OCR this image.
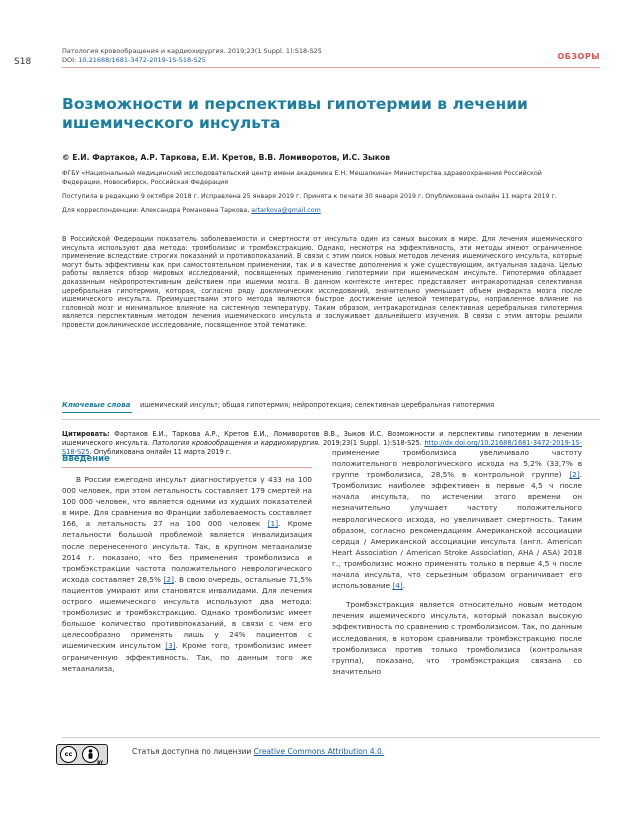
S18
Патология кровообращения и кардиохирургия. 2019;23(1 Suppl. 1):S18-S25
DOI: 10.21688/1681-3472-2019-1S-S18-S25	ОБЗОРЫ
Возможности и перспективы гипотермии в лечении ишемического инсульта
© Е.И. Фартаков, А.Р. Таркова, Е.И. Кретов, В.В. Ломиворотов, И.С. Зыков
ФГБУ «Национальный медицинский исследовательский центр имени академика Е.Н. Мешалкина» Министерства здравоохранения Российской Федерации, Новосибирск, Российская Федерация
Поступила в редакцию 9 октября 2018 г. Исправлена 25 января 2019 г. Принята к печати 30 января 2019 г. Опубликована онлайн 11 марта 2019 г.
Для корреспонденции: Александра Романовна Таркова, artarkova@gmail.com
В Российской Федерации показатель заболеваемости и смертности от инсульта один из самых высоких в мире. Для лечения ишемического инсульта используют два метода: тромболизис и тромбэкстракцию. Однако, несмотря на эффективность, эти методы имеют ограниченное применение вследствие строгих показаний и противопоказаний. В связи с этим поиск новых методов лечения ишемического инсульта, которые могут быть эффективны как при самостоятельном применении, так и в качестве дополнения к уже существующим, актуальная задача. Целью работы является обзор мировых исследований, посвященных применению гипотермии при ишемическом инсульте. Гипотермия обладает доказанным нейропротективным действием при ишемии мозга. В данном контексте интерес представляет интракаротидная селективная церебральная гипотермия, которая, согласно ряду доклинических исследований, значительно уменьшает объем инфаркта мозга после ишемического инсульта. Преимуществами этого метода являются быстрое достижение целевой температуры, направленное влияние на головной мозг и минимальное влияние на системную температуру. Таким образом, интракаротидная селективная церебральная гипотермия является перспективным методом лечения ишемического инсульта и заслуживает дальнейшего изучения. В связи с этим авторы решили провести доклиническое исследование, посвященное этой тематике.
Ключевые слова ишемический инсульт; общая гипотермия; нейропротекция; селективная церебральная гипотермия
Цитировать: Фартаков Е.И., Таркова А.Р., Кретов Е.И., Ломиворотов В.В., Зыков И.С. Возможности и перспективы гипотермии в лечении ишемического инсульта. Патология кровообращения и кардиохирургия. 2019;23(1 Suppl. 1):S18-S25. http://dx.doi.org/10.21688/1681-3472-2019-1S-S18-S25. Опубликована онлайн 11 марта 2019 г.
Введение

В России ежегодно инсульт диагностируется у 433 на 100 000 человек, при этом летальность составляет 179 смертей на 100 000 человек, что является одними из худших показателей в мире. Для сравнения во Франции заболеваемость составляет 166, а летальность 27 на 100 000 человек [1]. Кроме летальности большой проблемой является инвалидизация после перенесенного инсульта. Так, в крупном метаанализе 2014 г. показано, что без применения тромболизиса и тромбэкстракции частота положительного неврологического исхода составляет 28,5% [2]. В свою очередь, остальные 71,5% пациентов умирают или становятся инвалидами. Для лечения острого ишемического инсульта используют два метода: тромболизис и тромбэкстракцию. Однако тромболизис имеет большое количество противопоказаний, в связи с чем его целесообразно применять лишь у 24% пациентов с ишемическим инсультом [3]. Кроме того, тромболизис имеет ограниченную эффективность. Так, по данным того же метаанализа,

применение тромболизиса увеличивало частоту положительного неврологического исхода на 5,2% (33,7% в группе тромболизиса, 28,5% в контрольной группе) [2]. Тромболизис наиболее эффективен в первые 4,5 ч после начала инсульта, по истечении этого времени он незначительно улучшает частоту положительного неврологического исхода, но увеличивает смертность. Таким образом, согласно рекомендациям Американской ассоциации сердца / Американской ассоциации инсульта (англ. American Heart Association / American Stroke Association, AHA / ASA) 2018 г., тромболизис можно применять только в первые 4,5 ч после начала инсульта, что серьезным образом ограничивает его использование [4].

Тромбэкстракция является относительно новым методом лечения ишемического инсульта, который показал высокую эффективность по сравнению с тромболизисом. Так, по данным исследования, в котором сравнивали тромбэкстракцию после тромболизиса против только тромболизиса (контрольная группа), показано, что тромбэкстракция связана со значительно

cc
BY
Статья доступна по лицензии Creative Commons Attribution 4.0.
